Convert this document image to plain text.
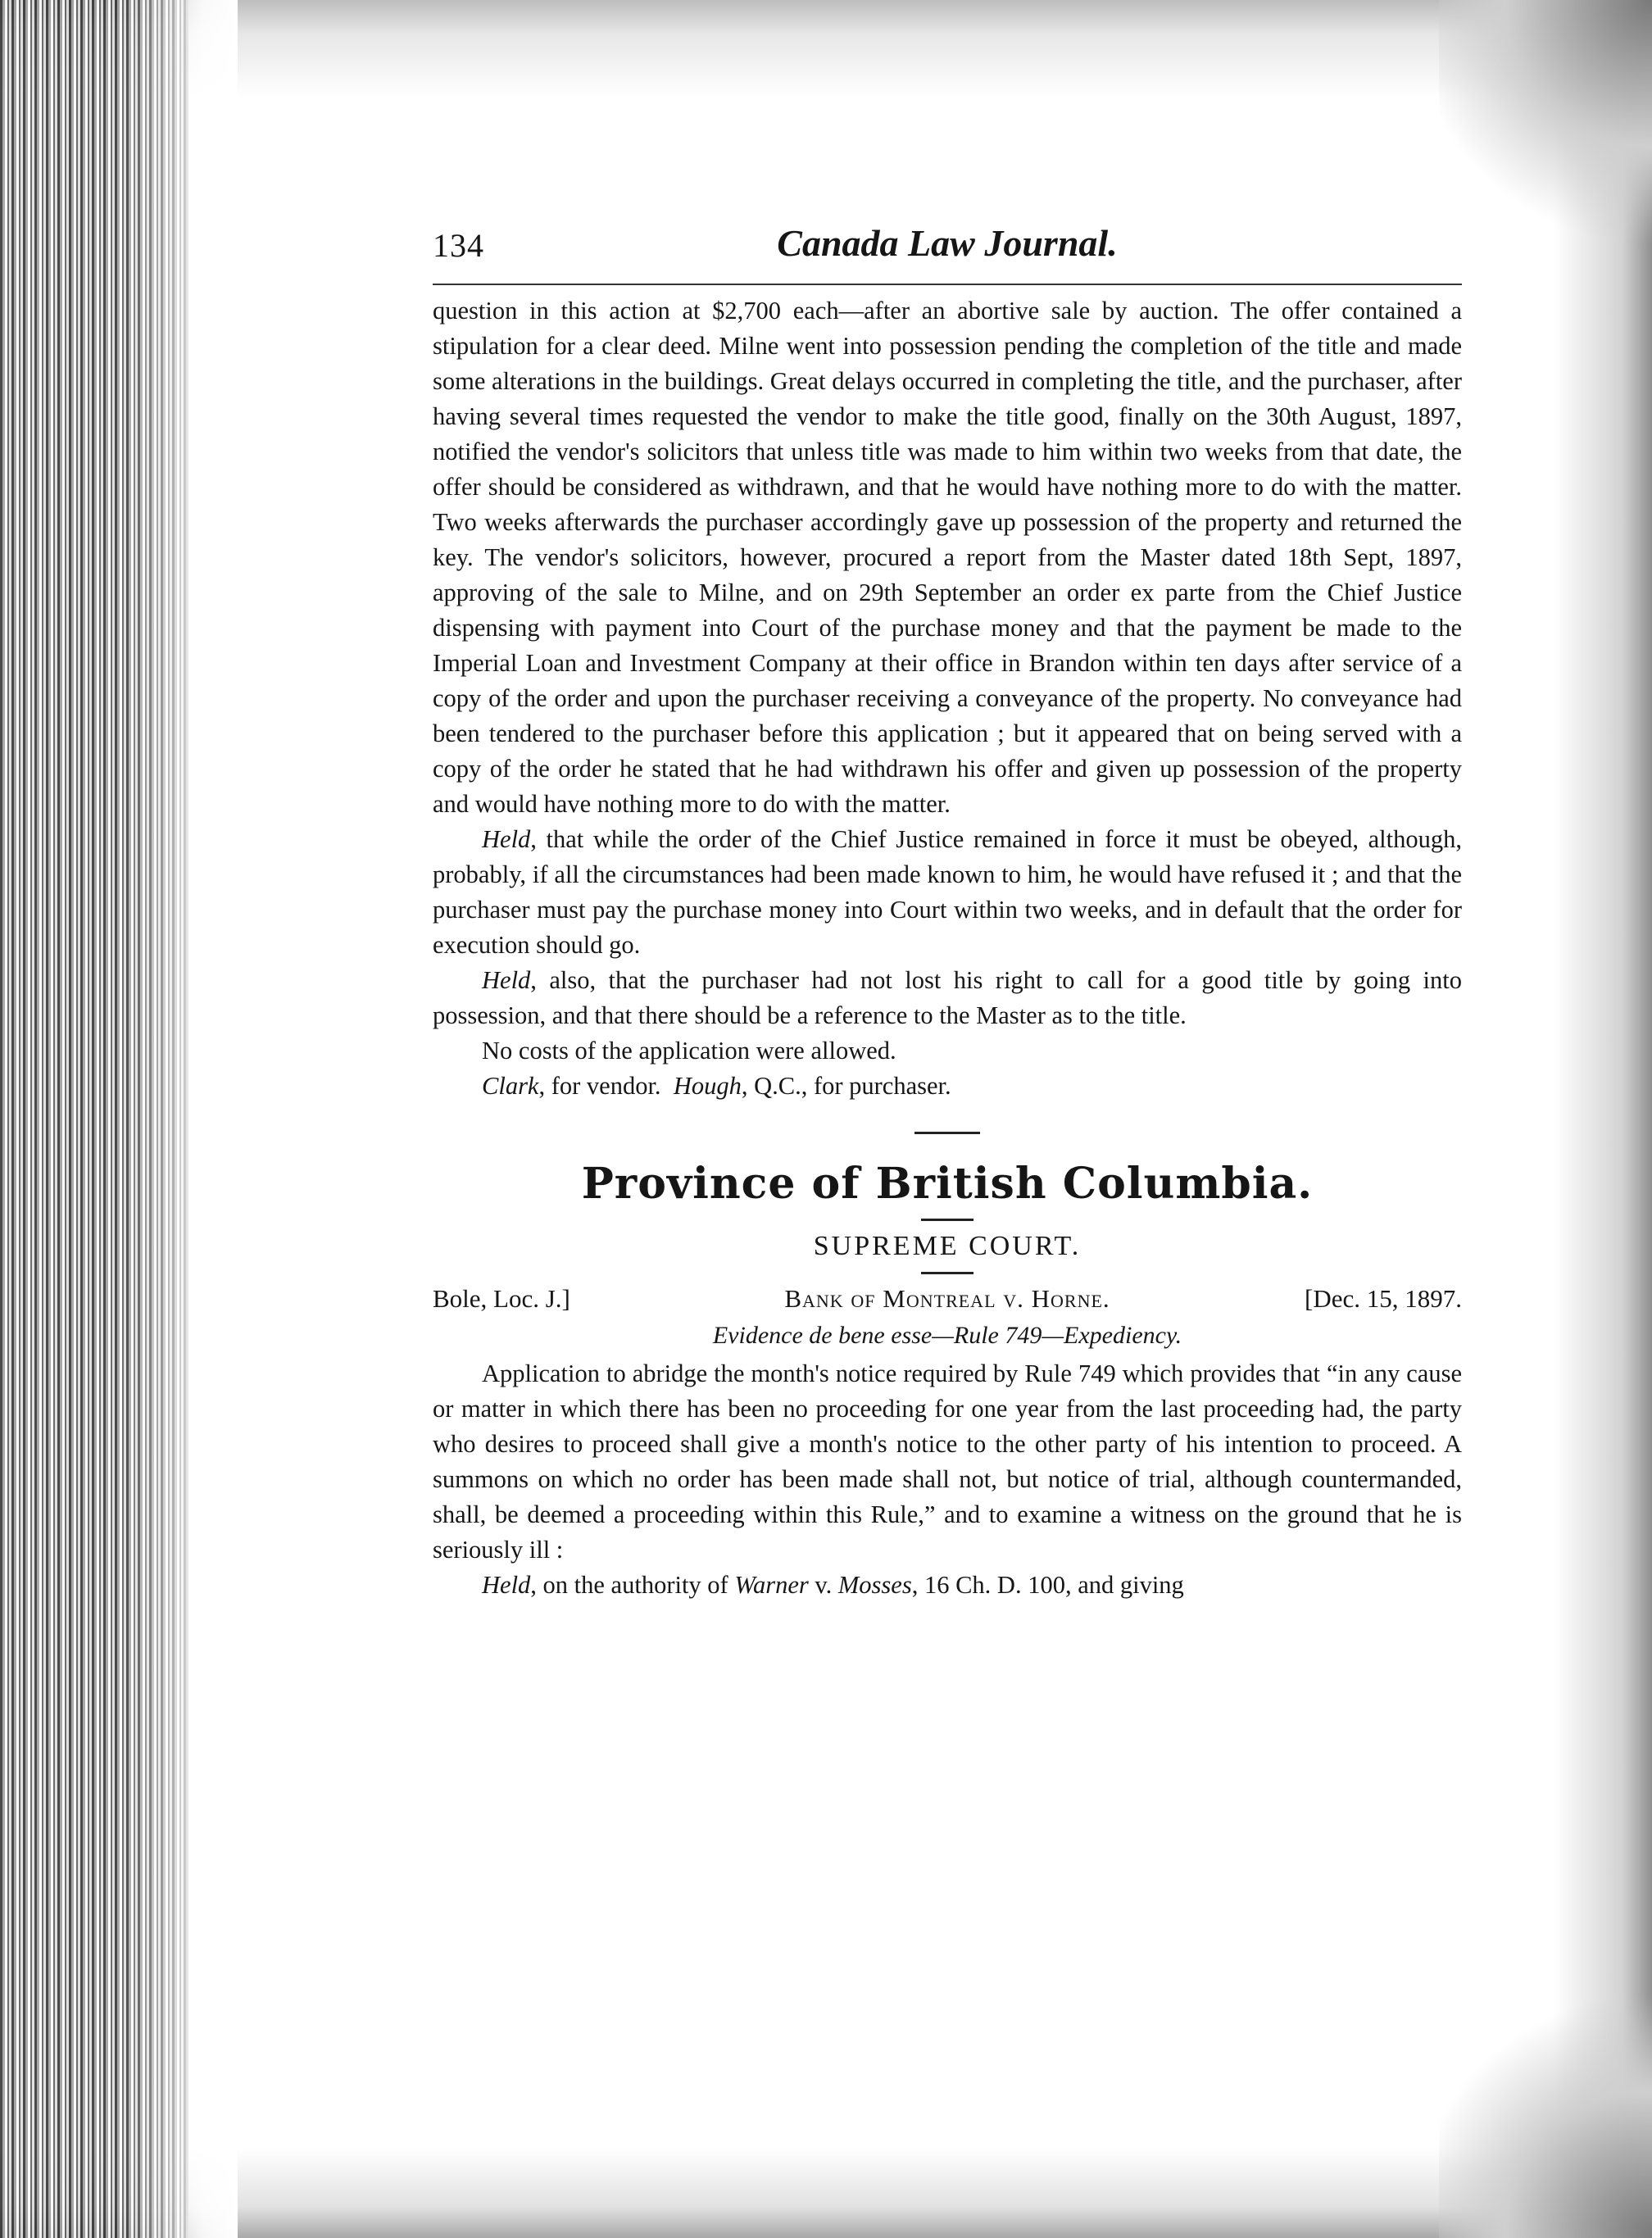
134	Canada Law Journal.

question in this action at $2,700 each—after an abortive sale by auction. The offer contained a stipulation for a clear deed. Milne went into possession pending the completion of the title and made some alterations in the buildings. Great delays occurred in completing the title, and the purchaser, after having several times requested the vendor to make the title good, finally on the 30th August, 1897, notified the vendor's solicitors that unless title was made to him within two weeks from that date, the offer should be considered as withdrawn, and that he would have nothing more to do with the matter. Two weeks afterwards the purchaser accordingly gave up possession of the property and returned the key. The vendor's solicitors, however, procured a report from the Master dated 18th Sept, 1897, approving of the sale to Milne, and on 29th September an order ex parte from the Chief Justice dispensing with payment into Court of the purchase money and that the payment be made to the Imperial Loan and Investment Company at their office in Brandon within ten days after service of a copy of the order and upon the purchaser receiving a conveyance of the property. No conveyance had been tendered to the purchaser before this application ; but it appeared that on being served with a copy of the order he stated that he had withdrawn his offer and given up possession of the property and would have nothing more to do with the matter.

Held, that while the order of the Chief Justice remained in force it must be obeyed, although, probably, if all the circumstances had been made known to him, he would have refused it ; and that the purchaser must pay the purchase money into Court within two weeks, and in default that the order for execution should go.

Held, also, that the purchaser had not lost his right to call for a good title by going into possession, and that there should be a reference to the Master as to the title.

No costs of the application were allowed.

Clark, for vendor. Hough, Q.C., for purchaser.

Province of British Columbia.

SUPREME COURT.

Bole, Loc. J.]	Bank of Montreal v. Horne.	[Dec. 15, 1897.

Evidence de bene esse—Rule 749—Expediency.

Application to abridge the month's notice required by Rule 749 which provides that “in any cause or matter in which there has been no proceeding for one year from the last proceeding had, the party who desires to proceed shall give a month's notice to the other party of his intention to proceed. A summons on which no order has been made shall not, but notice of trial, although countermanded, shall, be deemed a proceeding within this Rule,” and to examine a witness on the ground that he is seriously ill :

Held, on the authority of Warner v. Mosses, 16 Ch. D. 100, and giving
